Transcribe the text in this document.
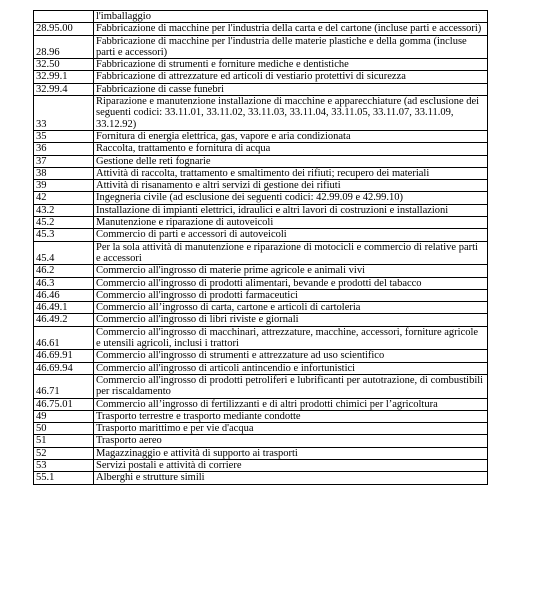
	l'imballaggio
28.95.00	Fabbricazione di macchine per l'industria della carta e del cartone (incluse parti e accessori)
28.96	Fabbricazione di macchine per l'industria delle materie plastiche e della gomma (incluse parti e accessori)
32.50	Fabbricazione di strumenti e forniture mediche e dentistiche
32.99.1	Fabbricazione di attrezzature ed articoli di vestiario protettivi di sicurezza
32.99.4	Fabbricazione di casse funebri
33	Riparazione e manutenzione installazione di macchine e apparecchiature (ad esclusione dei seguenti codici: 33.11.01, 33.11.02, 33.11.03, 33.11.04, 33.11.05, 33.11.07, 33.11.09, 33.12.92)
35	Fornitura di energia elettrica, gas, vapore e aria condizionata
36	Raccolta, trattamento e fornitura di acqua
37	Gestione delle reti fognarie
38	Attività di raccolta, trattamento e smaltimento dei rifiuti; recupero dei materiali
39	Attività di risanamento e altri servizi di gestione dei rifiuti
42	Ingegneria civile (ad esclusione dei seguenti codici: 42.99.09 e 42.99.10)
43.2	Installazione di impianti elettrici, idraulici e altri lavori di costruzioni e installazioni
45.2	Manutenzione e riparazione di autoveicoli
45.3	Commercio di parti e accessori di autoveicoli
45.4	Per la sola attività di manutenzione e riparazione di motocicli e commercio di relative parti e accessori
46.2	Commercio all'ingrosso di materie prime agricole e animali vivi
46.3	Commercio all'ingrosso di prodotti alimentari, bevande e prodotti del tabacco
46.46	Commercio all'ingrosso di prodotti farmaceutici
46.49.1	Commercio all’ingrosso di carta, cartone e articoli di cartoleria
46.49.2	Commercio all'ingrosso di libri riviste e giornali
46.61	Commercio all'ingrosso di macchinari, attrezzature, macchine, accessori, forniture agricole e utensili agricoli, inclusi i trattori
46.69.91	Commercio all'ingrosso di strumenti e attrezzature ad uso scientifico
46.69.94	Commercio all'ingrosso di articoli antincendio e infortunistici
46.71	Commercio all'ingrosso di prodotti petroliferi e lubrificanti per autotrazione, di combustibili per riscaldamento
46.75.01	Commercio all’ingrosso di fertilizzanti e di altri prodotti chimici per l’agricoltura
49	Trasporto terrestre e trasporto mediante condotte
50	Trasporto marittimo e per vie d'acqua
51	Trasporto aereo
52	Magazzinaggio e attività di supporto ai trasporti
53	Servizi postali e attività di corriere
55.1	Alberghi e strutture simili
